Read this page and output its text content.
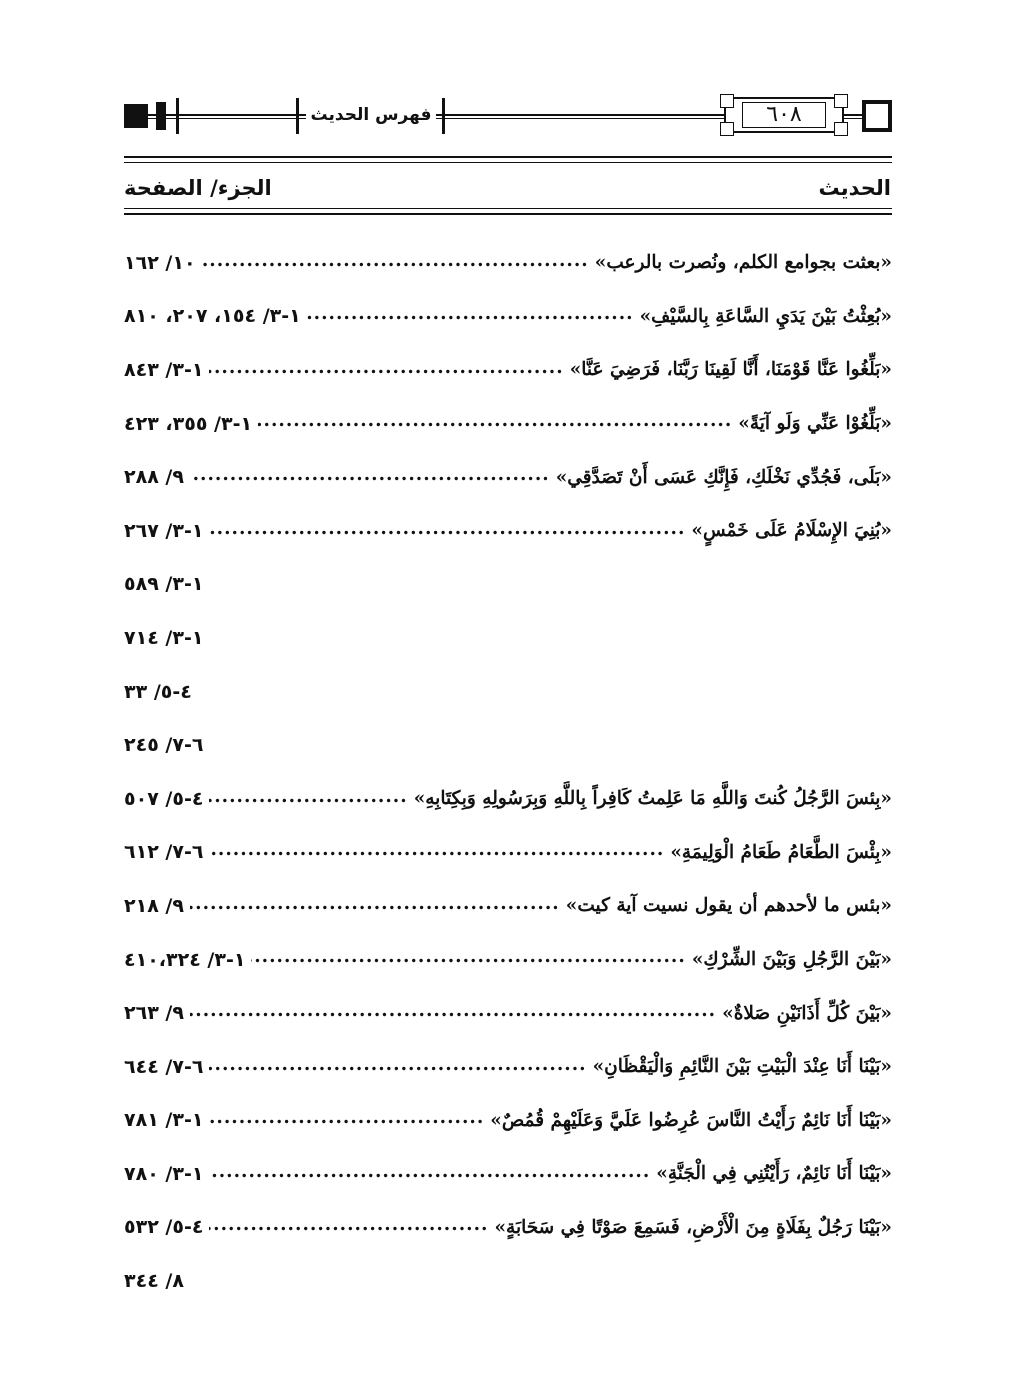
فهرس الحديث	٦٠٨
الحديث
الجزء/ الصفحة
«بعثت بجوامع الكلم، ونُصرت بالرعب»
.....
١٠/ ١٦٢
«بُعِثْتُ بَيْنَ يَدَيِ السَّاعَةِ بِالسَّيْفِ»
.....
١-٣/ ١٥٤، ٢٠٧، ٨١٠
«بَلِّغُوا عَنَّا قَوْمَنَا، أَنَّا لَقِينَا رَبَّنَا، فَرَضِيَ عَنَّا»
.....
١-٣/ ٨٤٣
«بَلِّغُوْا عَنِّي وَلَو آيَةً»
.....
١-٣/ ٣٥٥، ٤٢٣
«بَلَى، فَجُدِّي نَخْلَكِ، فَإِنَّكِ عَسَى أَنْ تَصَدَّقِي»
.....
٩/ ٢٨٨
«بُنِيَ الإِسْلَامُ عَلَى خَمْسٍ»
.....
١-٣/ ٢٦٧
١-٣/ ٥٨٩
١-٣/ ٧١٤
٤-٥/ ٣٣
٦-٧/ ٢٤٥
«بِئسَ الرَّجُلُ كُنتَ وَاللَّهِ مَا عَلِمتُ كَافِراً بِاللَّهِ وَبِرَسُولِهِ وَبِكِتَابِهِ»
.....
٤-٥/ ٥٠٧
«بِئْسَ الطَّعَامُ طَعَامُ الْوَلِيمَةِ»
.....
٦-٧/ ٦١٢
«بئس ما لأحدهم أن يقول نسيت آية كيت»
.....
٩/ ٢١٨
«بَيْنَ الرَّجُلِ وَبَيْنَ الشِّرْكِ»
.....
١-٣/ ٤١٠،٣٢٤
«بَيْنَ كُلِّ أَذَانَيْنِ صَلاةٌ»
.....
٩/ ٢٦٣
«بَيْنَا أَنَا عِنْدَ الْبَيْتِ بَيْنَ النَّائِمِ وَالْيَقْظَانِ»
.....
٦-٧/ ٦٤٤
«بَيْنَا أَنَا نَائِمٌ رَأَيْتُ النَّاسَ عُرِضُوا عَلَيَّ وَعَلَيْهِمْ قُمُصٌ»
.....
١-٣/ ٧٨١
«بَيْنَا أَنَا نَائِمٌ، رَأَيْتُنِي فِي الْجَنَّةِ»
.....
١-٣/ ٧٨٠
«بَيْنَا رَجُلٌ بِفَلَاةٍ مِنَ الْأَرْضِ، فَسَمِعَ صَوْتًا فِي سَحَابَةٍ»
.....
٤-٥/ ٥٣٢
٨/ ٣٤٤
